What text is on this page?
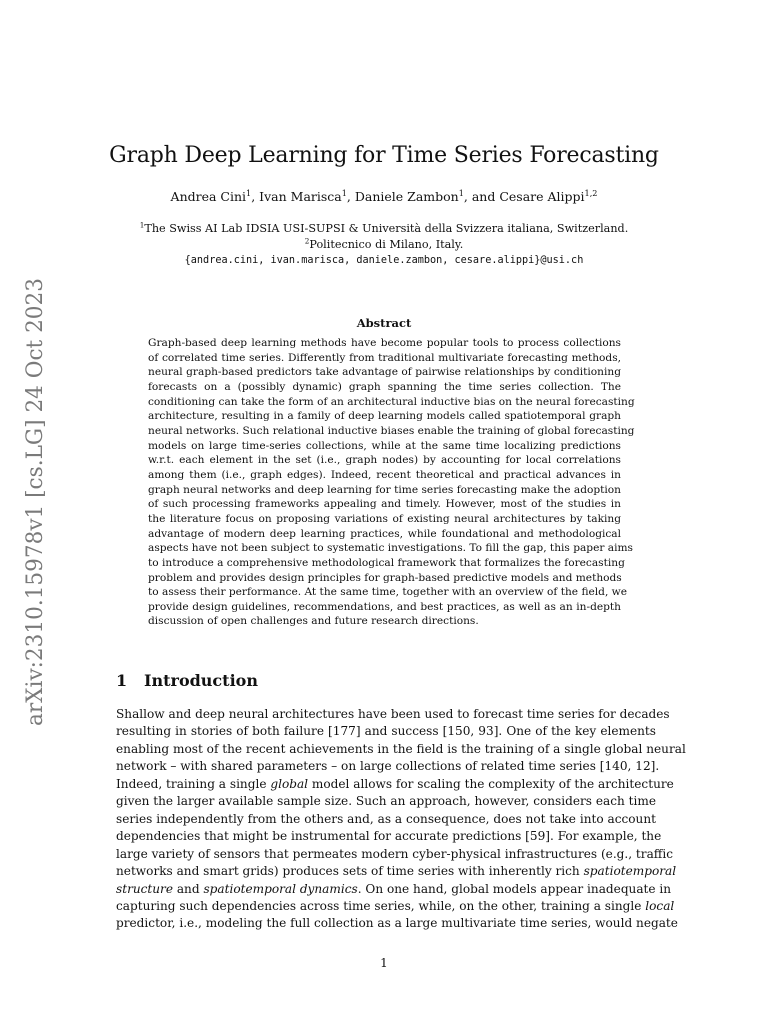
arXiv:2310.15978v1 [cs.LG] 24 Oct 2023
Graph Deep Learning for Time Series Forecasting
Andrea Cini$^1$, Ivan Marisca$^1$, Daniele Zambon$^1$, and Cesare Alippi$^{1,2}$
$^1$The Swiss AI Lab IDSIA USI-SUPSI & Università della Svizzera italiana, Switzerland.
$^2$Politecnico di Milano, Italy.
{andrea.cini, ivan.marisca, daniele.zambon, cesare.alippi}@usi.ch
Abstract
Graph-based deep learning methods have become popular tools to process collections
of correlated time series. Differently from traditional multivariate forecasting methods,
neural graph-based predictors take advantage of pairwise relationships by conditioning
forecasts on a (possibly dynamic) graph spanning the time series collection. The
conditioning can take the form of an architectural inductive bias on the neural forecasting
architecture, resulting in a family of deep learning models called spatiotemporal graph
neural networks. Such relational inductive biases enable the training of global forecasting
models on large time-series collections, while at the same time localizing predictions
w.r.t. each element in the set (i.e., graph nodes) by accounting for local correlations
among them (i.e., graph edges). Indeed, recent theoretical and practical advances in
graph neural networks and deep learning for time series forecasting make the adoption
of such processing frameworks appealing and timely. However, most of the studies in
the literature focus on proposing variations of existing neural architectures by taking
advantage of modern deep learning practices, while foundational and methodological
aspects have not been subject to systematic investigations. To fill the gap, this paper aims
to introduce a comprehensive methodological framework that formalizes the forecasting
problem and provides design principles for graph-based predictive models and methods
to assess their performance. At the same time, together with an overview of the field, we
provide design guidelines, recommendations, and best practices, as well as an in-depth
discussion of open challenges and future research directions.
1 Introduction
Shallow and deep neural architectures have been used to forecast time series for decades
resulting in stories of both failure [177] and success [150, 93]. One of the key elements
enabling most of the recent achievements in the field is the training of a single global neural
network – with shared parameters – on large collections of related time series [140, 12].
Indeed, training a single global model allows for scaling the complexity of the architecture
given the larger available sample size. Such an approach, however, considers each time
series independently from the others and, as a consequence, does not take into account
dependencies that might be instrumental for accurate predictions [59]. For example, the
large variety of sensors that permeates modern cyber-physical infrastructures (e.g., traffic
networks and smart grids) produces sets of time series with inherently rich spatiotemporal
structure and spatiotemporal dynamics. On one hand, global models appear inadequate in
capturing such dependencies across time series, while, on the other, training a single local
predictor, i.e., modeling the full collection as a large multivariate time series, would negate
1
